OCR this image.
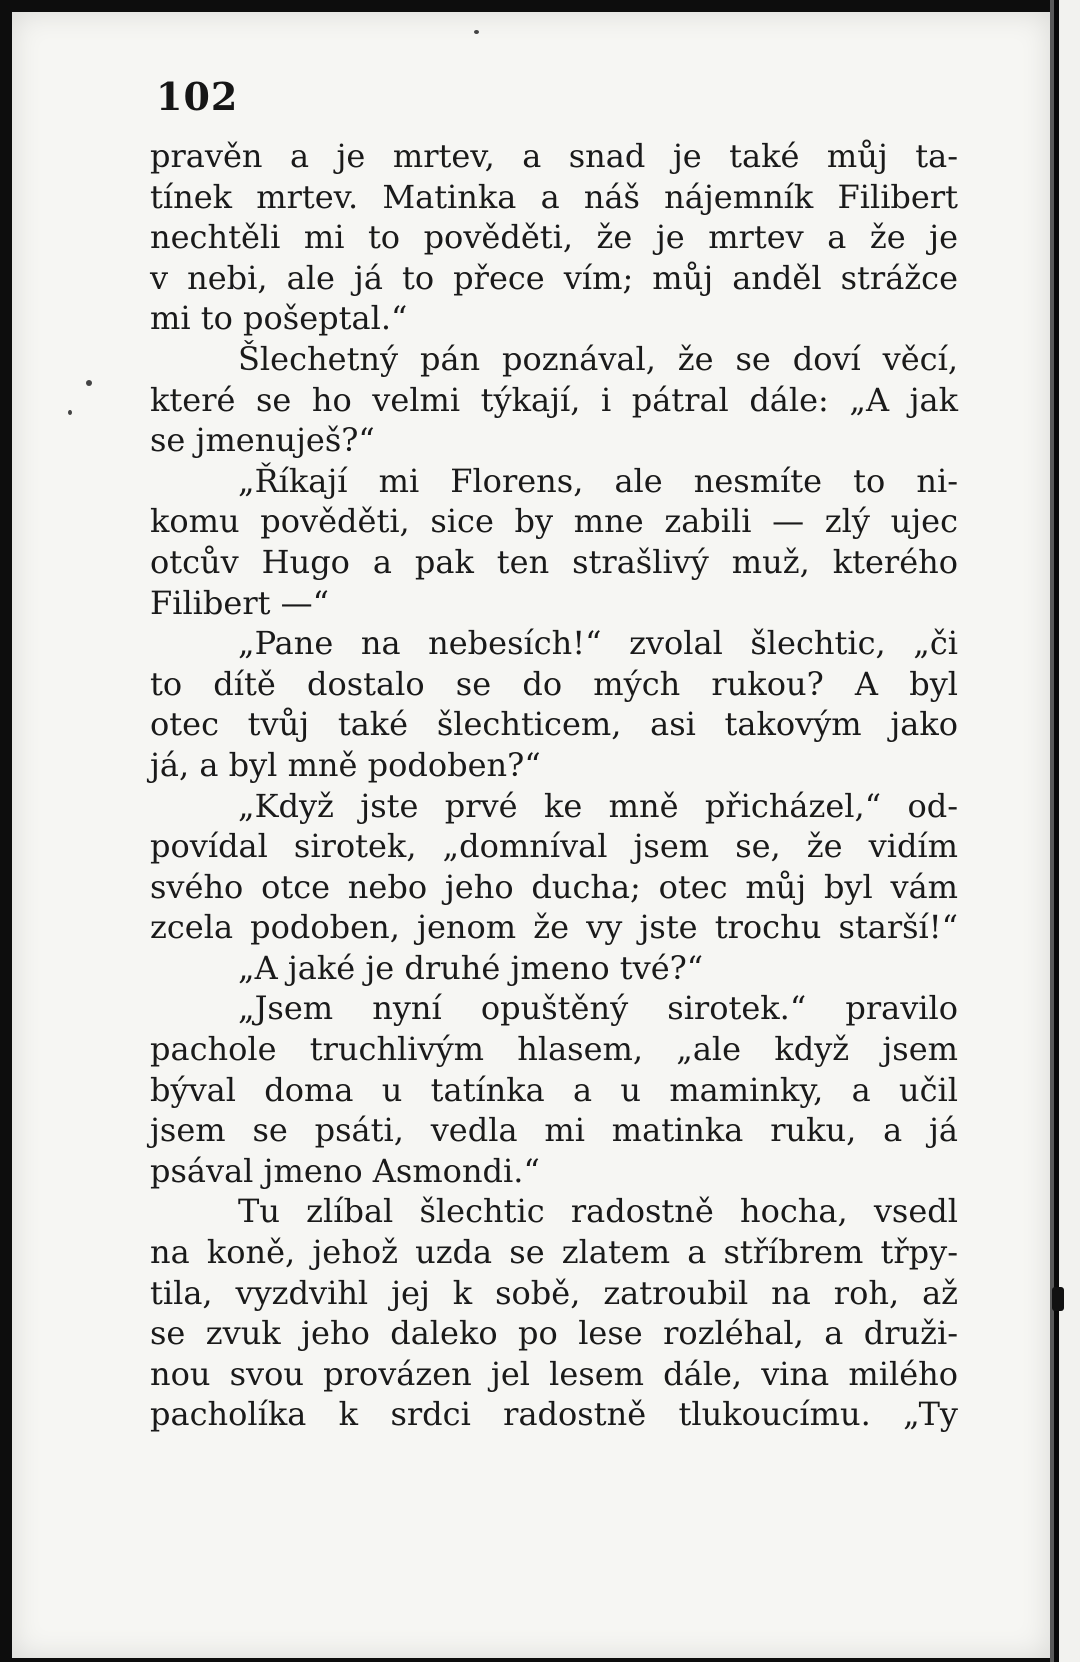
102
pravěn a je mrtev, a snad je také můj ta-
tínek mrtev. Matinka a náš nájemník Filibert
nechtěli mi to pověděti, že je mrtev a že je
v nebi, ale já to přece vím; můj anděl strážce
mi to pošeptal.“
Šlechetný pán poznával, že se doví věcí,
které se ho velmi týkají, i pátral dále: „A jak
se jmenuješ?“
„Říkají mi Florens, ale nesmíte to ni-
komu pověděti, sice by mne zabili — zlý ujec
otcův Hugo a pak ten strašlivý muž, kterého
Filibert —“
„Pane na nebesích!“ zvolal šlechtic, „či
to dítě dostalo se do mých rukou? A byl
otec tvůj také šlechticem, asi takovým jako
já, a byl mně podoben?“
„Když jste prvé ke mně přicházel,“ od-
povídal sirotek, „domníval jsem se, že vidím
svého otce nebo jeho ducha; otec můj byl vám
zcela podoben, jenom že vy jste trochu starší!“
„A jaké je druhé jmeno tvé?“
„Jsem nyní opuštěný sirotek.“ pravilo
pachole truchlivým hlasem, „ale když jsem
býval doma u tatínka a u maminky, a učil
jsem se psáti, vedla mi matinka ruku, a já
psával jmeno Asmondi.“
Tu zlíbal šlechtic radostně hocha, vsedl
na koně, jehož uzda se zlatem a stříbrem třpy-
tila, vyzdvihl jej k sobě, zatroubil na roh, až
se zvuk jeho daleko po lese rozléhal, a druži-
nou svou provázen jel lesem dále, vina milého
pacholíka k srdci radostně tlukoucímu. „Ty
